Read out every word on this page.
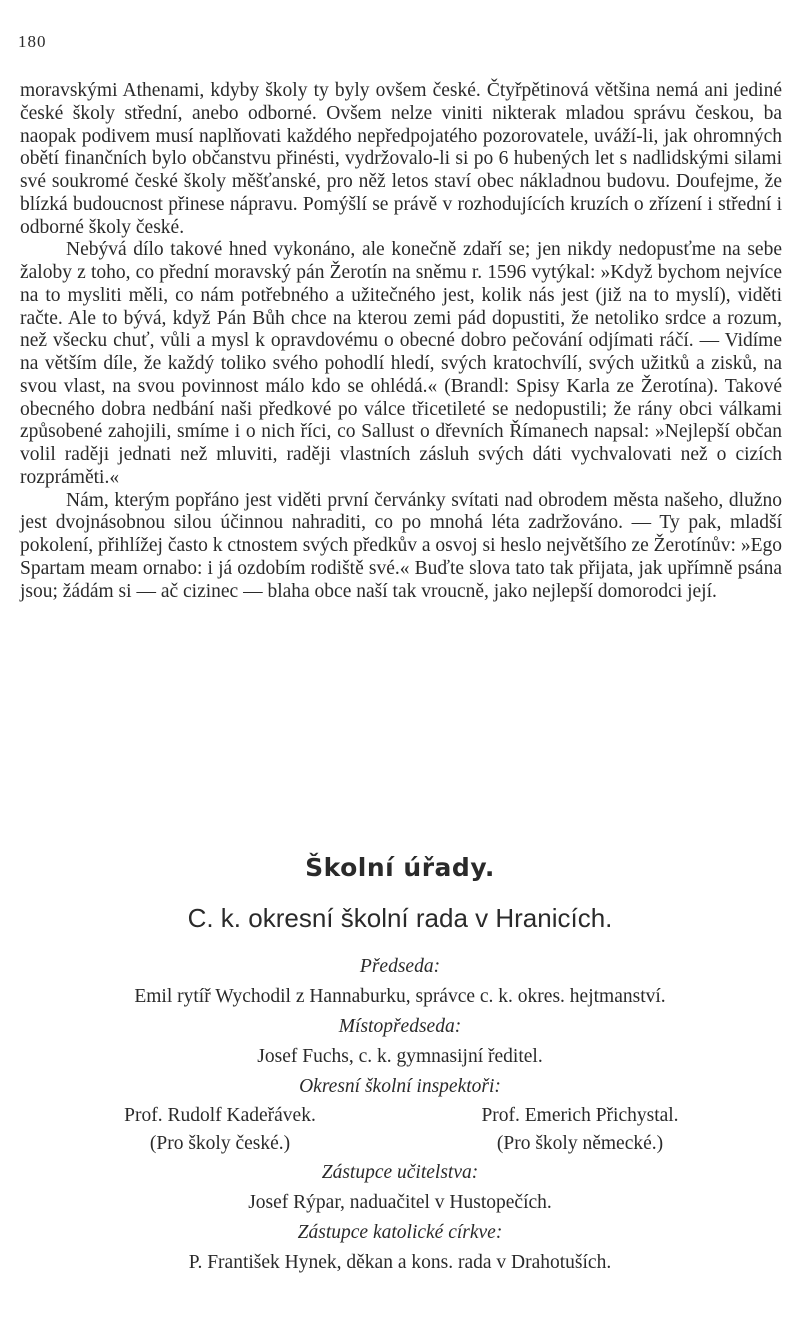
180

moravskými Athenami, kdyby školy ty byly ovšem české. Čtyřpětinová většina nemá ani jediné české školy střední, anebo odborné. Ovšem nelze viniti nikterak mladou správu českou, ba naopak podivem musí naplňovati každého nepředpojatého pozorovatele, uváží-li, jak ohromných obětí finančních bylo občanstvu přinésti, vydržovalo-li si po 6 hubených let s nadlidskými silami své soukromé české školy měšťanské, pro něž letos staví obec nákladnou budovu. Doufejme, že blízká budoucnost přinese nápravu. Pomýšlí se právě v rozhodujících kruzích o zřízení i střední i odborné školy české.

Nebývá dílo takové hned vykonáno, ale konečně zdaří se; jen nikdy nedopusťme na sebe žaloby z toho, co přední moravský pán Žerotín na sněmu r. 1596 vytýkal: »Když bychom nejvíce na to mysliti měli, co nám potřebného a užitečného jest, kolik nás jest (již na to myslí), viděti račte. Ale to bývá, když Pán Bůh chce na kterou zemi pád dopustiti, že netoliko srdce a rozum, než všecku chuť, vůli a mysl k opravdovému o obecné dobro pečování odjímati ráčí. — Vidíme na větším díle, že každý toliko svého pohodlí hledí, svých kratochvílí, svých užitků a zisků, na svou vlast, na svou povinnost málo kdo se ohlédá.« (Brandl: Spisy Karla ze Žerotína). Takové obecného dobra nedbání naši předkové po válce třicetileté se nedopustili; že rány obci válkami způsobené zahojili, smíme i o nich říci, co Sallust o dřevních Římanech napsal: »Nejlepší občan volil raději jednati než mluviti, raději vlastních zásluh svých dáti vychvalovati než o cizích rozpráměti.«

Nám, kterým popřáno jest viděti první červánky svítati nad obrodem města našeho, dlužno jest dvojnásobnou silou účinnou nahraditi, co po mnohá léta zadržováno. — Ty pak, mladší pokolení, přihlížej často k ctnostem svých předkův a osvoj si heslo největšího ze Žerotínův: »Ego Spartam meam ornabo: i já ozdobím rodiště své.« Buďte slova tato tak přijata, jak upřímně psána jsou; žádám si — ač cizinec — blaha obce naší tak vroucně, jako nejlepší domorodci její.

Školní úřady.
C. k. okresní školní rada v Hranicích.
Předseda:
Emil rytíř Wychodil z Hannaburku, správce c. k. okres. hejtmanství.
Místopředseda:
Josef Fuchs, c. k. gymnasijní ředitel.
Okresní školní inspektoři:
Prof. Rudolf Kadeřávek.
(Pro školy české.)
Prof. Emerich Přichystal.
(Pro školy německé.)
Zástupce učitelstva:
Josef Rýpar, naduačitel v Hustopečích.
Zástupce katolické církve:
P. František Hynek, děkan a kons. rada v Drahotuších.
